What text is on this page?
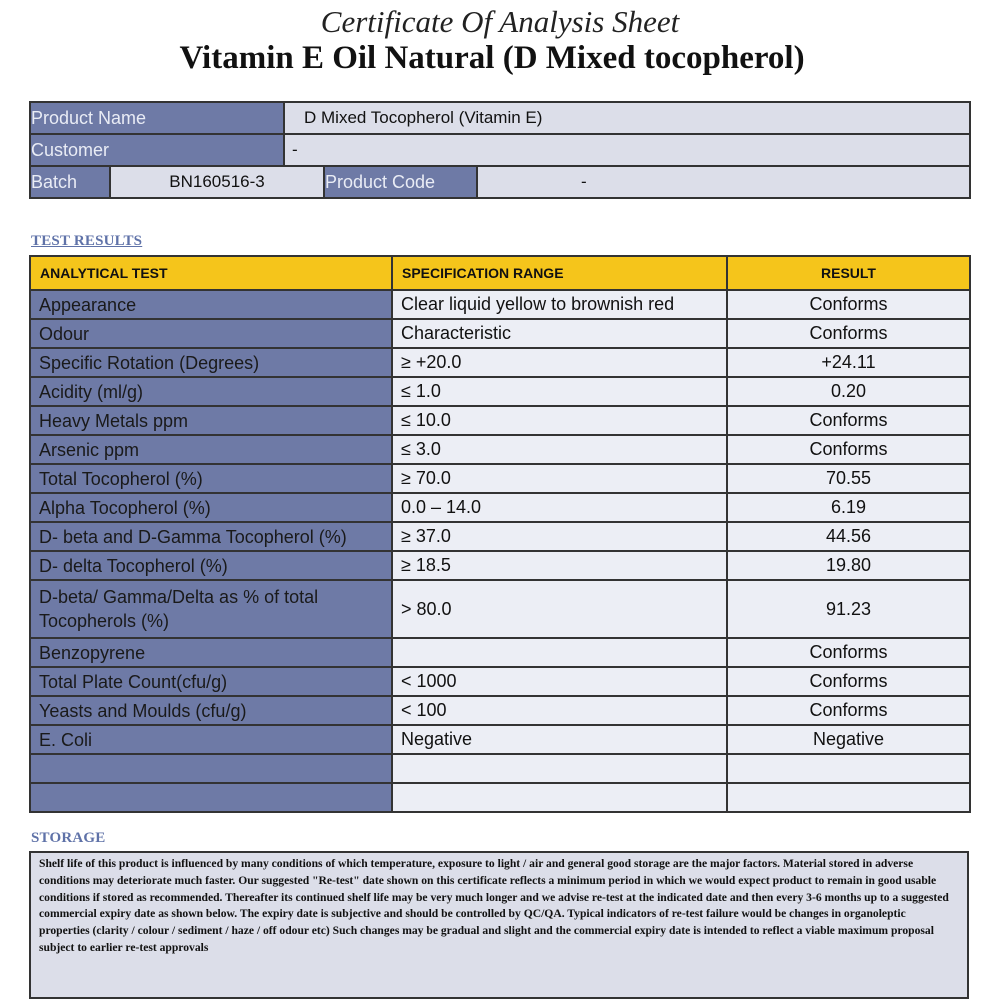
Certificate Of Analysis Sheet
Vitamin E Oil Natural (D Mixed tocopherol)
Product Name		D Mixed Tocopherol (Vitamin E)		
Customer		-		
Batch	BN160516-3		Product Code	-
TEST RESULTS
ANALYTICAL TEST	SPECIFICATION RANGE	RESULT
Appearance	Clear liquid yellow to brownish red	Conforms
Odour	Characteristic	Conforms
Specific Rotation (Degrees)	≥ +20.0	+24.11
Acidity (ml/g)	≤ 1.0	0.20
Heavy Metals ppm	≤ 10.0	Conforms
Arsenic ppm	≤ 3.0	Conforms
Total Tocopherol (%)	≥ 70.0	70.55
Alpha Tocopherol (%)	0.0 – 14.0	6.19
D- beta and D-Gamma Tocopherol (%)	≥ 37.0	44.56
D- delta Tocopherol (%)	≥ 18.5	19.80
D-beta/ Gamma/Delta as % of total Tocopherols (%)	> 80.0	91.23
Benzopyrene		Conforms
Total Plate Count(cfu/g)	< 1000	Conforms
Yeasts and Moulds (cfu/g)	< 100	Conforms
E. Coli	Negative	Negative

STORAGE
Shelf life of this product is influenced by many conditions of which temperature, exposure to light / air and general good storage are the major factors. Material stored in adverse conditions may deteriorate much faster. Our suggested "Re-test" date shown on this certificate reflects a minimum period in which we would expect product to remain in good usable conditions if stored as recommended. Thereafter its continued shelf life may be very much longer and we advise re-test at the indicated date and then every 3-6 months up to a suggested commercial expiry date as shown below. The expiry date is subjective and should be controlled by QC/QA. Typical indicators of re-test failure would be changes in organoleptic properties (clarity / colour / sediment / haze / off odour etc) Such changes may be gradual and slight and the commercial expiry date is intended to reflect a viable maximum proposal subject to earlier re-test approvals
